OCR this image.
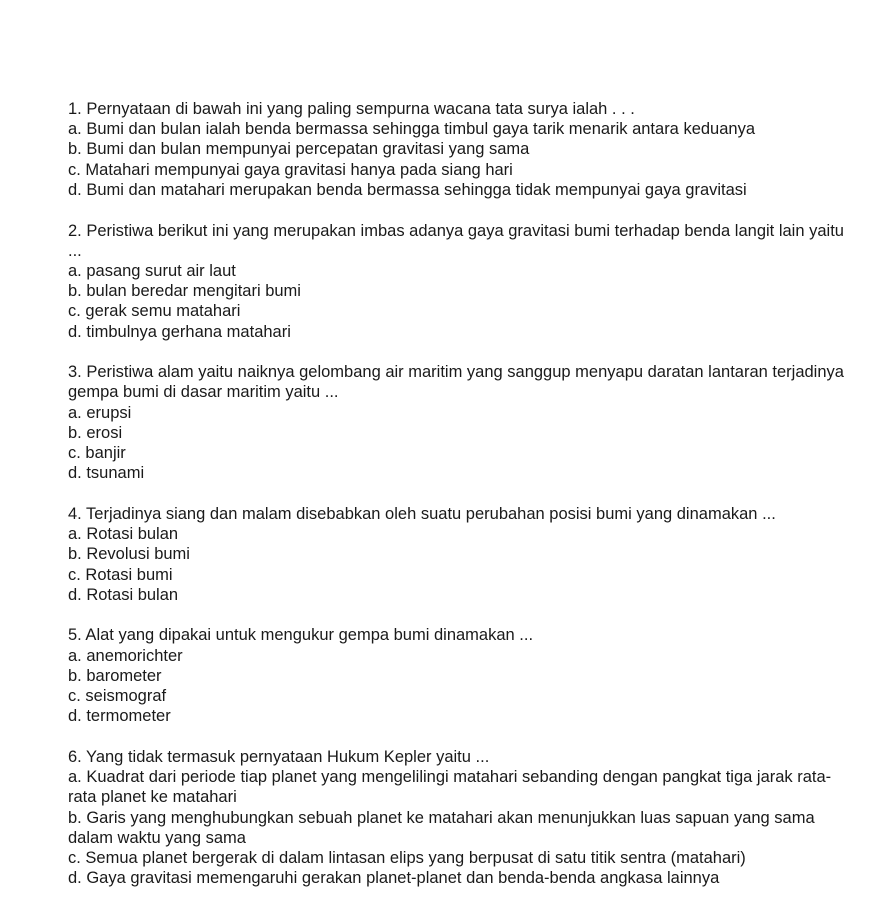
1. Pernyataan di bawah ini yang paling sempurna wacana tata surya ialah . . .

a. Bumi dan bulan ialah benda bermassa sehingga timbul gaya tarik menarik antara keduanya

b. Bumi dan bulan mempunyai percepatan gravitasi yang sama

c. Matahari mempunyai gaya gravitasi hanya pada siang hari

d. Bumi dan matahari merupakan benda bermassa sehingga tidak mempunyai gaya gravitasi

2. Peristiwa berikut ini yang merupakan imbas adanya gaya gravitasi bumi terhadap benda langit lain yaitu ...

a. pasang surut air laut

b. bulan beredar mengitari bumi

c. gerak semu matahari

d. timbulnya gerhana matahari

3. Peristiwa alam yaitu naiknya gelombang air maritim yang sanggup menyapu daratan lantaran terjadinya gempa bumi di dasar maritim yaitu ...

a. erupsi

b. erosi

c. banjir

d. tsunami

4. Terjadinya siang dan malam disebabkan oleh suatu perubahan posisi bumi yang dinamakan ...

a. Rotasi bulan

b. Revolusi bumi

c. Rotasi bumi

d. Rotasi bulan

5. Alat yang dipakai untuk mengukur gempa bumi dinamakan ...

a. anemorichter

b. barometer

c. seismograf

d. termometer

6. Yang tidak termasuk pernyataan Hukum Kepler yaitu ...

a. Kuadrat dari periode tiap planet yang mengelilingi matahari sebanding dengan pangkat tiga jarak rata-rata planet ke matahari

b. Garis yang menghubungkan sebuah planet ke matahari akan menunjukkan luas sapuan yang sama dalam waktu yang sama

c. Semua planet bergerak di dalam lintasan elips yang berpusat di satu titik sentra (matahari)

d. Gaya gravitasi memengaruhi gerakan planet-planet dan benda-benda angkasa lainnya
